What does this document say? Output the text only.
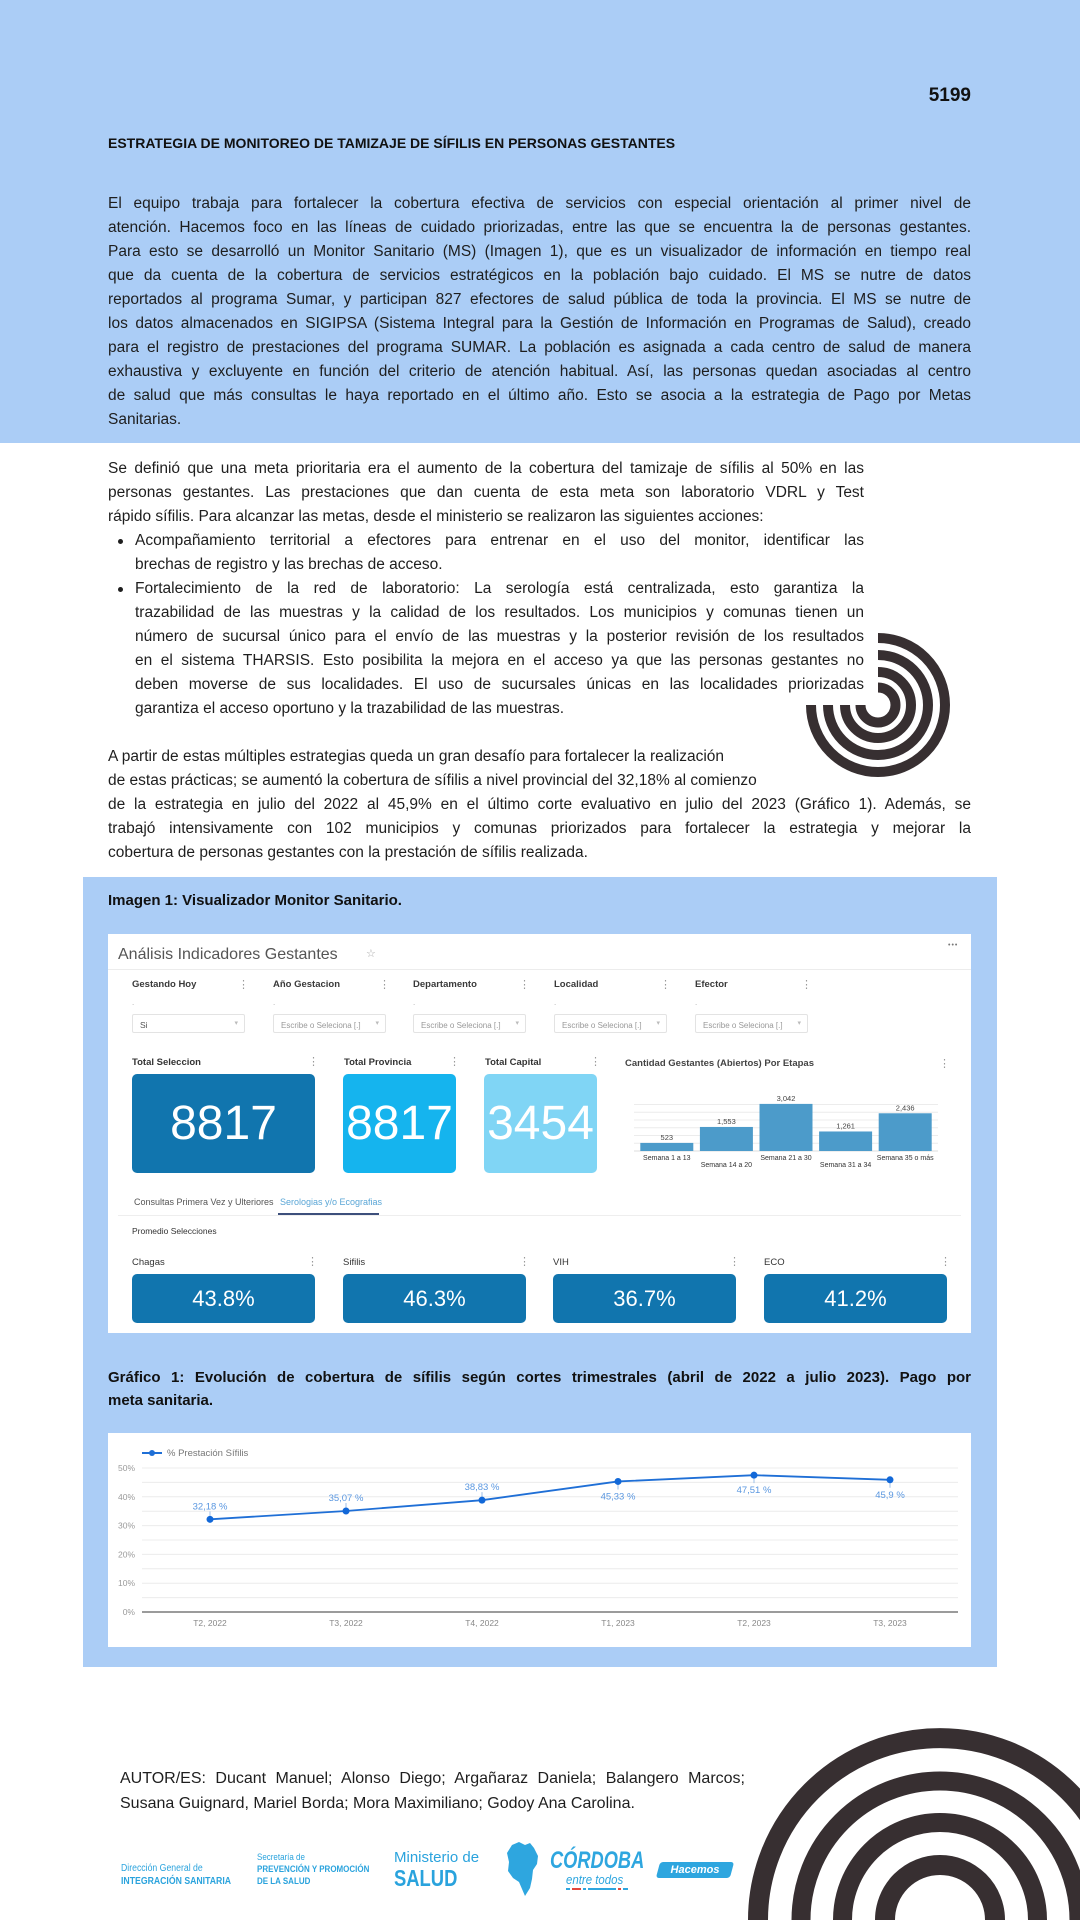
5199
ESTRATEGIA DE MONITOREO DE TAMIZAJE DE SÍFILIS EN PERSONAS GESTANTES
El equipo trabaja para fortalecer la cobertura efectiva de servicios con especial orientación al primer nivel de
atención. Hacemos foco en las líneas de cuidado priorizadas, entre las que se encuentra la de personas gestantes.
Para esto se desarrolló un Monitor Sanitario (MS) (Imagen 1), que es un visualizador de información en tiempo real
que da cuenta de la cobertura de servicios estratégicos en la población bajo cuidado. El MS se nutre de datos
reportados al programa Sumar, y participan 827 efectores de salud pública de toda la provincia. El MS se nutre de
los datos almacenados en SIGIPSA (Sistema Integral para la Gestión de Información en Programas de Salud), creado
para el registro de prestaciones del programa SUMAR. La población es asignada a cada centro de salud de manera
exhaustiva y excluyente en función del criterio de atención habitual. Así, las personas quedan asociadas al centro
de salud que más consultas le haya reportado en el último año. Esto se asocia a la estrategia de Pago por Metas
Sanitarias.
Se definió que una meta prioritaria era el aumento de la cobertura del tamizaje de sífilis al 50% en las
personas gestantes. Las prestaciones que dan cuenta de esta meta son laboratorio VDRL y Test
rápido sífilis. Para alcanzar las metas, desde el ministerio se realizaron las siguientes acciones:
Acompañamiento territorial a efectores para entrenar en el uso del monitor, identificar las
brechas de registro y las brechas de acceso.
Fortalecimiento de la red de laboratorio: La serología está centralizada, esto garantiza la
trazabilidad de las muestras y la calidad de los resultados. Los municipios y comunas tienen un
número de sucursal único para el envío de las muestras y la posterior revisión de los resultados
en el sistema THARSIS. Esto posibilita la mejora en el acceso ya que las personas gestantes no
deben moverse de sus localidades. El uso de sucursales únicas en las localidades priorizadas
garantiza el acceso oportuno y la trazabilidad de las muestras.
A partir de estas múltiples estrategias queda un gran desafío para fortalecer la realización
de estas prácticas; se aumentó la cobertura de sífilis a nivel provincial del 32,18% al comienzo
de la estrategia en julio del 2022 al 45,9% en el último corte evaluativo en julio del 2023 (Gráfico 1). Además, se
trabajó intensivamente con 102 municipios y comunas priorizados para fortalecer la estrategia y mejorar la
cobertura de personas gestantes con la prestación de sífilis realizada.
Imagen 1: Visualizador Monitor Sanitario.
Análisis Indicadores Gestantes	☆
•••
Gestando Hoy	⋮
.
Si	▾
Año Gestacion	⋮
.
Escribe o Seleciona [.] ▾
Departamento	⋮
.
Escribe o Seleciona [.] ▾
Localidad	⋮
.
Escribe o Seleciona [.] ▾
Efector	⋮
.
Escribe o Seleciona [.] ▾
Total Seleccion	⋮
8817
Total Provincia	⋮
8817
Total Capital	⋮
3454
Cantidad Gestantes (Abiertos) Por Etapas	⋮
523
Semana 1 a 13
1,553
Semana 14 a 20
3,042
Semana 21 a 30
1,261
Semana 31 a 34
2,436
Semana 35 o más
Consultas Primera Vez y Ulteriores Serologias y/o Ecografias
Promedio Selecciones
Chagas	⋮
43.8%
Sifilis	⋮
46.3%
VIH	⋮
36.7%
ECO	⋮
41.2%
Gráfico 1: Evolución de cobertura de sífilis según cortes trimestrales (abril de 2022 a julio 2023). Pago por
meta sanitaria.
0%
10%
20%
30%
40%
50%
T2, 2022	T3, 2022	T4, 2022	T1, 2023	T2, 2023	T3, 2023
% Prestación Sífilis
32,18 %
35,07 %
38,83 %
45,33 %
47,51 %	45,9 %
AUTOR/ES: Ducant Manuel; Alonso Diego; Argañaraz Daniela; Balangero Marcos;
Susana Guignard, Mariel Borda; Mora Maximiliano; Godoy Ana Carolina.
Dirección General de
INTEGRACIÓN SANITARIA
Secretaría de
PREVENCIÓN Y PROMOCIÓN
DE LA SALUD
Ministerio de
SALUD
CÓRDOBA
entre todos
Hacemos
